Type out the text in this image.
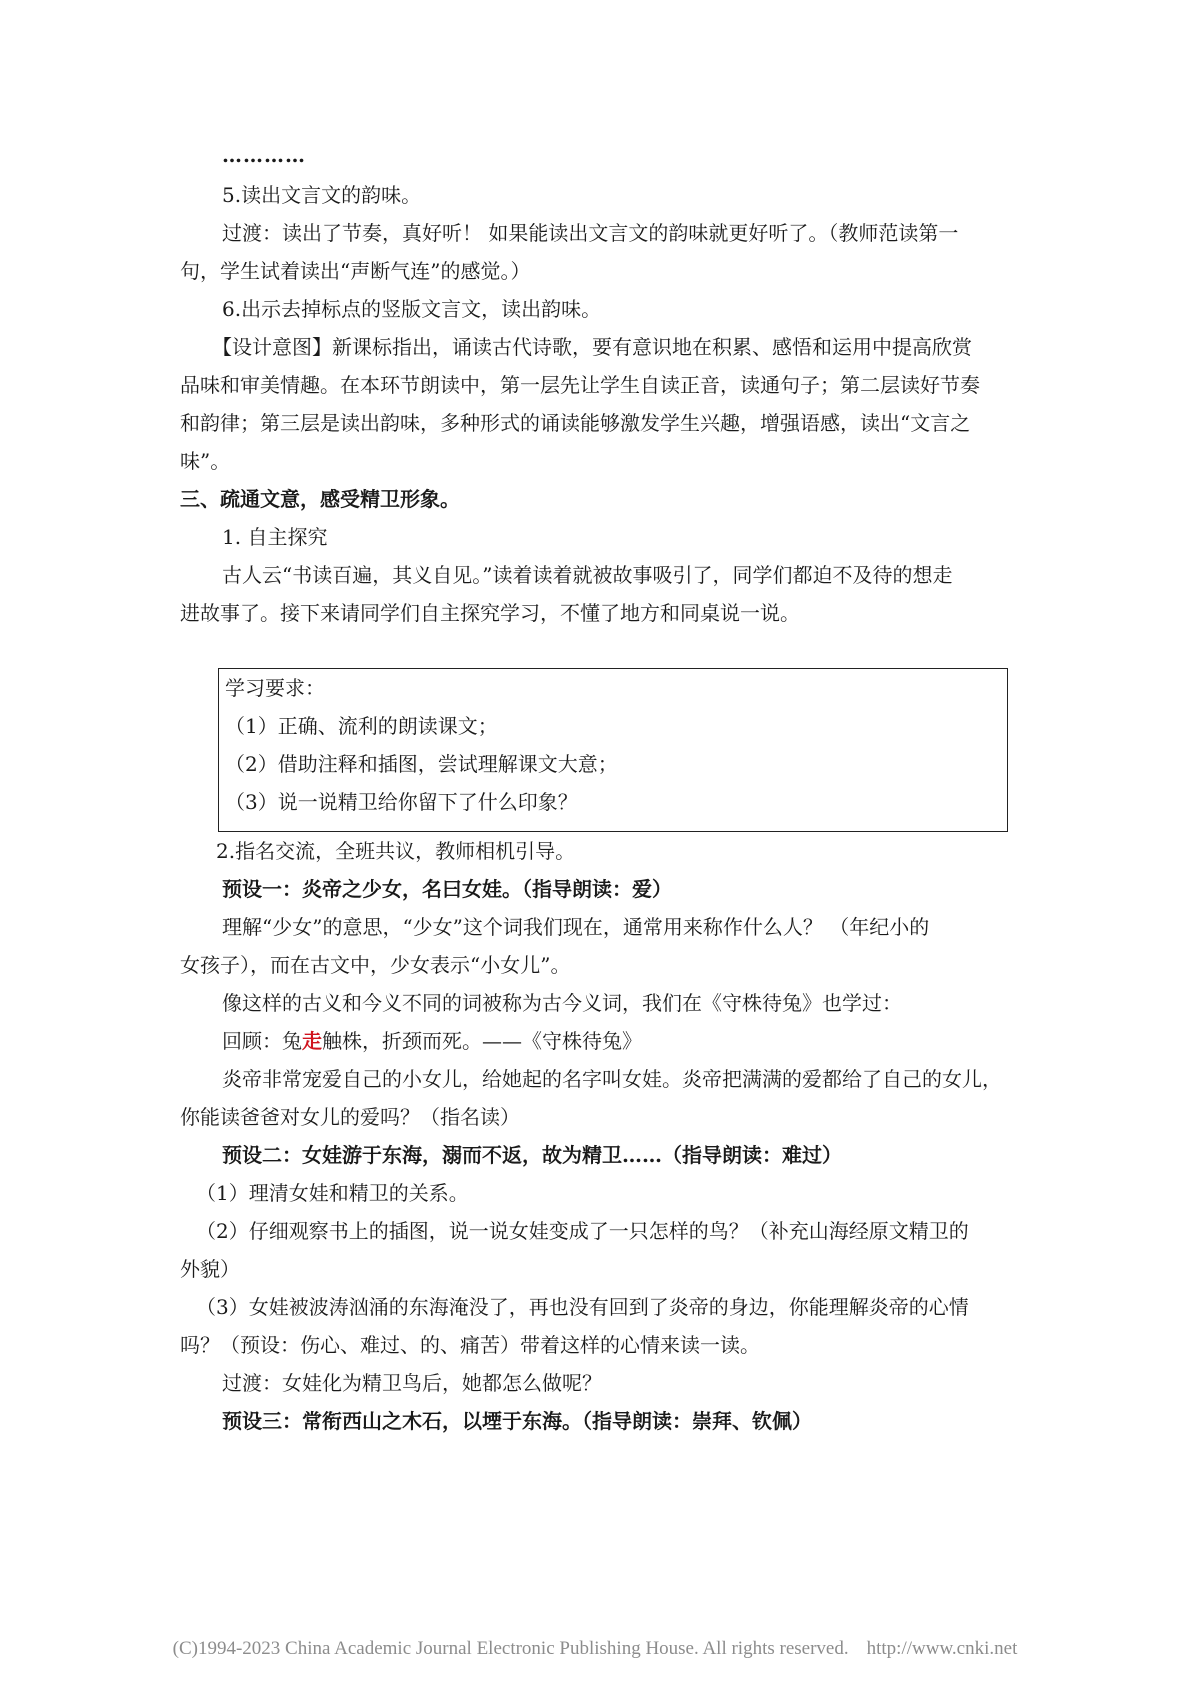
…………
5.读出文言文的韵味。
过渡：读出了节奏，真好听！ 如果能读出文言文的韵味就更好听了。（教师范读第一
句，学生试着读出“声断气连”的感觉。）
6.出示去掉标点的竖版文言文，读出韵味。
【设计意图】新课标指出，诵读古代诗歌，要有意识地在积累、感悟和运用中提高欣赏
品味和审美情趣。在本环节朗读中，第一层先让学生自读正音，读通句子；第二层读好节奏
和韵律；第三层是读出韵味，多种形式的诵读能够激发学生兴趣，增强语感，读出“文言之
味”。
三、疏通文意，感受精卫形象。
1. 自主探究
古人云“书读百遍，其义自见。”读着读着就被故事吸引了，同学们都迫不及待的想走
进故事了。接下来请同学们自主探究学习，不懂了地方和同桌说一说。
学习要求：
（1）正确、流利的朗读课文；
（2）借助注释和插图，尝试理解课文大意；
（3）说一说精卫给你留下了什么印象？
2.指名交流，全班共议，教师相机引导。
预设一：炎帝之少女，名曰女娃。（指导朗读：爱）
理解“少女”的意思，“少女”这个词我们现在，通常用来称作什么人？ （年纪小的
女孩子），而在古文中，少女表示“小女儿”。
像这样的古义和今义不同的词被称为古今义词，我们在《守株待兔》也学过：
回顾：兔走触株，折颈而死。——《守株待兔》
炎帝非常宠爱自己的小女儿，给她起的名字叫女娃。炎帝把满满的爱都给了自己的女儿，
你能读爸爸对女儿的爱吗？（指名读）
预设二：女娃游于东海，溺而不返，故为精卫……（指导朗读：难过）
（1）理清女娃和精卫的关系。
（2）仔细观察书上的插图，说一说女娃变成了一只怎样的鸟？（补充山海经原文精卫的
外貌）
（3）女娃被波涛汹涌的东海淹没了，再也没有回到了炎帝的身边，你能理解炎帝的心情
吗？（预设：伤心、难过、的、痛苦）带着这样的心情来读一读。
过渡：女娃化为精卫鸟后，她都怎么做呢？
预设三：常衔西山之木石，以堙于东海。（指导朗读：崇拜、钦佩）
(C)1994-2023 China Academic Journal Electronic Publishing House. All rights reserved. http://www.cnki.net
